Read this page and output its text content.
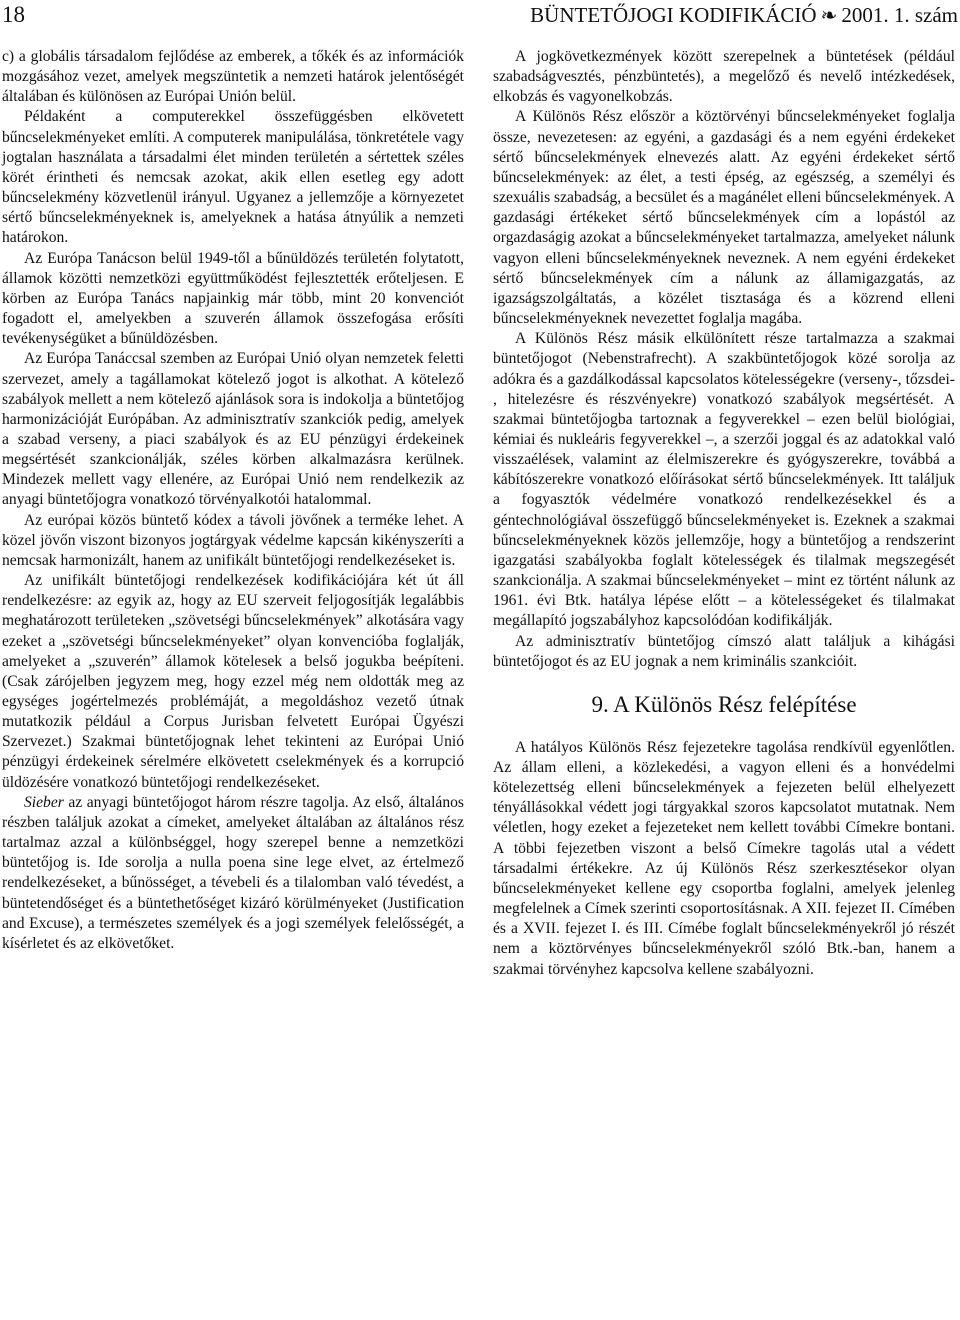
18	BÜNTETŐJOGI KODIFIKÁCIÓ ❧ 2001. 1. szám

c) a globális társadalom fejlődése az emberek, a tőkék és az információk mozgásához vezet, amelyek megszüntetik a nemzeti határok jelentőségét általában és különösen az Európai Unión belül.

Példaként a computerekkel összefüggésben elkövetett bűncselekményeket említi. A computerek manipulálása, tönkretétele vagy jogtalan használata a társadalmi élet minden területén a sértettek széles körét érintheti és nemcsak azokat, akik ellen esetleg egy adott bűncselekmény közvetlenül irányul. Ugyanez a jellemzője a környezetet sértő bűncselekményeknek is, amelyeknek a hatása átnyúlik a nemzeti határokon.

Az Európa Tanácson belül 1949-től a bűnüldözés területén folytatott, államok közötti nemzetközi együttműködést fejlesztették erőteljesen. E körben az Európa Tanács napjainkig már több, mint 20 konvenciót fogadott el, amelyekben a szuverén államok összefogása erősíti tevékenységüket a bűnüldözésben.

Az Európa Tanáccsal szemben az Európai Unió olyan nemzetek feletti szervezet, amely a tagállamokat kötelező jogot is alkothat. A kötelező szabályok mellett a nem kötelező ajánlások sora is indokolja a büntetőjog harmonizációját Európában. Az adminisztratív szankciók pedig, amelyek a szabad verseny, a piaci szabályok és az EU pénzügyi érdekeinek megsértését szankcionálják, széles körben alkalmazásra kerülnek. Mindezek mellett vagy ellenére, az Európai Unió nem rendelkezik az anyagi büntetőjogra vonatkozó törvényalkotói hatalommal.

Az európai közös büntető kódex a távoli jövőnek a terméke lehet. A közel jövőn viszont bizonyos jogtárgyak védelme kapcsán kikényszeríti a nemcsak harmonizált, hanem az unifikált büntetőjogi rendelkezéseket is.

Az unifikált büntetőjogi rendelkezések kodifikációjára két út áll rendelkezésre: az egyik az, hogy az EU szerveit feljogosítják legalábbis meghatározott területeken „szövetségi bűncselekmények” alkotására vagy ezeket a „szövetségi bűncselekményeket” olyan konvencióba foglalják, amelyeket a „szuverén” államok kötelesek a belső jogukba beépíteni. (Csak zárójelben jegyzem meg, hogy ezzel még nem oldották meg az egységes jogértelmezés problémáját, a megoldáshoz vezető útnak mutatkozik például a Corpus Jurisban felvetett Európai Ügyészi Szervezet.) Szakmai büntetőjognak lehet tekinteni az Európai Unió pénzügyi érdekeinek sérelmére elkövetett cselekmények és a korrupció üldözésére vonatkozó büntetőjogi rendelkezéseket.

Sieber az anyagi büntetőjogot három részre tagolja. Az első, általános részben találjuk azokat a címeket, amelyeket általában az általános rész tartalmaz azzal a különbséggel, hogy szerepel benne a nemzetközi büntetőjog is. Ide sorolja a nulla poena sine lege elvet, az értelmező rendelkezéseket, a bűnösséget, a tévebeli és a tilalomban való tévedést, a büntetendőséget és a büntethetőséget kizáró körülményeket (Justification and Excuse), a természetes személyek és a jogi személyek felelősségét, a kísérletet és az elkövetőket.

A jogkövetkezmények között szerepelnek a büntetések (például szabadságvesztés, pénzbüntetés), a megelőző és nevelő intézkedések, elkobzás és vagyonelkobzás.

A Különös Rész először a köztörvényi bűncselekményeket foglalja össze, nevezetesen: az egyéni, a gazdasági és a nem egyéni érdekeket sértő bűncselekmények elnevezés alatt. Az egyéni érdekeket sértő bűncselekmények: az élet, a testi épség, az egészség, a személyi és szexuális szabadság, a becsület és a magánélet elleni bűncselekmények. A gazdasági értékeket sértő bűncselekmények cím a lopástól az orgazdaságig azokat a bűncselekményeket tartalmazza, amelyeket nálunk vagyon elleni bűncselekményeknek neveznek. A nem egyéni érdekeket sértő bűncselekmények cím a nálunk az államigazgatás, az igazságszolgáltatás, a közélet tisztasága és a közrend elleni bűncselekményeknek nevezettet foglalja magába.

A Különös Rész másik elkülönített része tartalmazza a szakmai büntetőjogot (Nebenstrafrecht). A szakbüntetőjogok közé sorolja az adókra és a gazdálkodással kapcsolatos kötelességekre (verseny-, tőzsdei- , hitelezésre és részvényekre) vonatkozó szabályok megsértését. A szakmai büntetőjogba tartoznak a fegyverekkel – ezen belül biológiai, kémiai és nukleáris fegyverekkel –, a szerzői joggal és az adatokkal való visszaélések, valamint az élelmiszerekre és gyógyszerekre, továbbá a kábítószerekre vonatkozó előírásokat sértő bűncselekmények. Itt találjuk a fogyasztók védelmére vonatkozó rendelkezésekkel és a géntechnológiával összefüggő bűncselekményeket is. Ezeknek a szakmai bűncselekményeknek közös jellemzője, hogy a büntetőjog a rendszerint igazgatási szabályokba foglalt kötelességek és tilalmak megszegését szankcionálja. A szakmai bűncselekményeket – mint ez történt nálunk az 1961. évi Btk. hatálya lépése előtt – a kötelességeket és tilalmakat megállapító jogszabályhoz kapcsolódóan kodifikálják.

Az adminisztratív büntetőjog címszó alatt találjuk a kihágási büntetőjogot és az EU jognak a nem kriminális szankcióit.

9. A Különös Rész felépítése

A hatályos Különös Rész fejezetekre tagolása rendkívül egyenlőtlen. Az állam elleni, a közlekedési, a vagyon elleni és a honvédelmi kötelezettség elleni bűncselekmények a fejezeten belül elhelyezett tényállásokkal védett jogi tárgyakkal szoros kapcsolatot mutatnak. Nem véletlen, hogy ezeket a fejezeteket nem kellett további Címekre bontani. A többi fejezetben viszont a belső Címekre tagolás utal a védett társadalmi értékekre. Az új Különös Rész szerkesztésekor olyan bűncselekményeket kellene egy csoportba foglalni, amelyek jelenleg megfelelnek a Címek szerinti csoportosításnak. A XII. fejezet II. Címében és a XVII. fejezet I. és III. Címébe foglalt bűncselekményekről jó részét nem a köztörvényes bűncselekményekről szóló Btk.-ban, hanem a szakmai törvényhez kapcsolva kellene szabályozni.
